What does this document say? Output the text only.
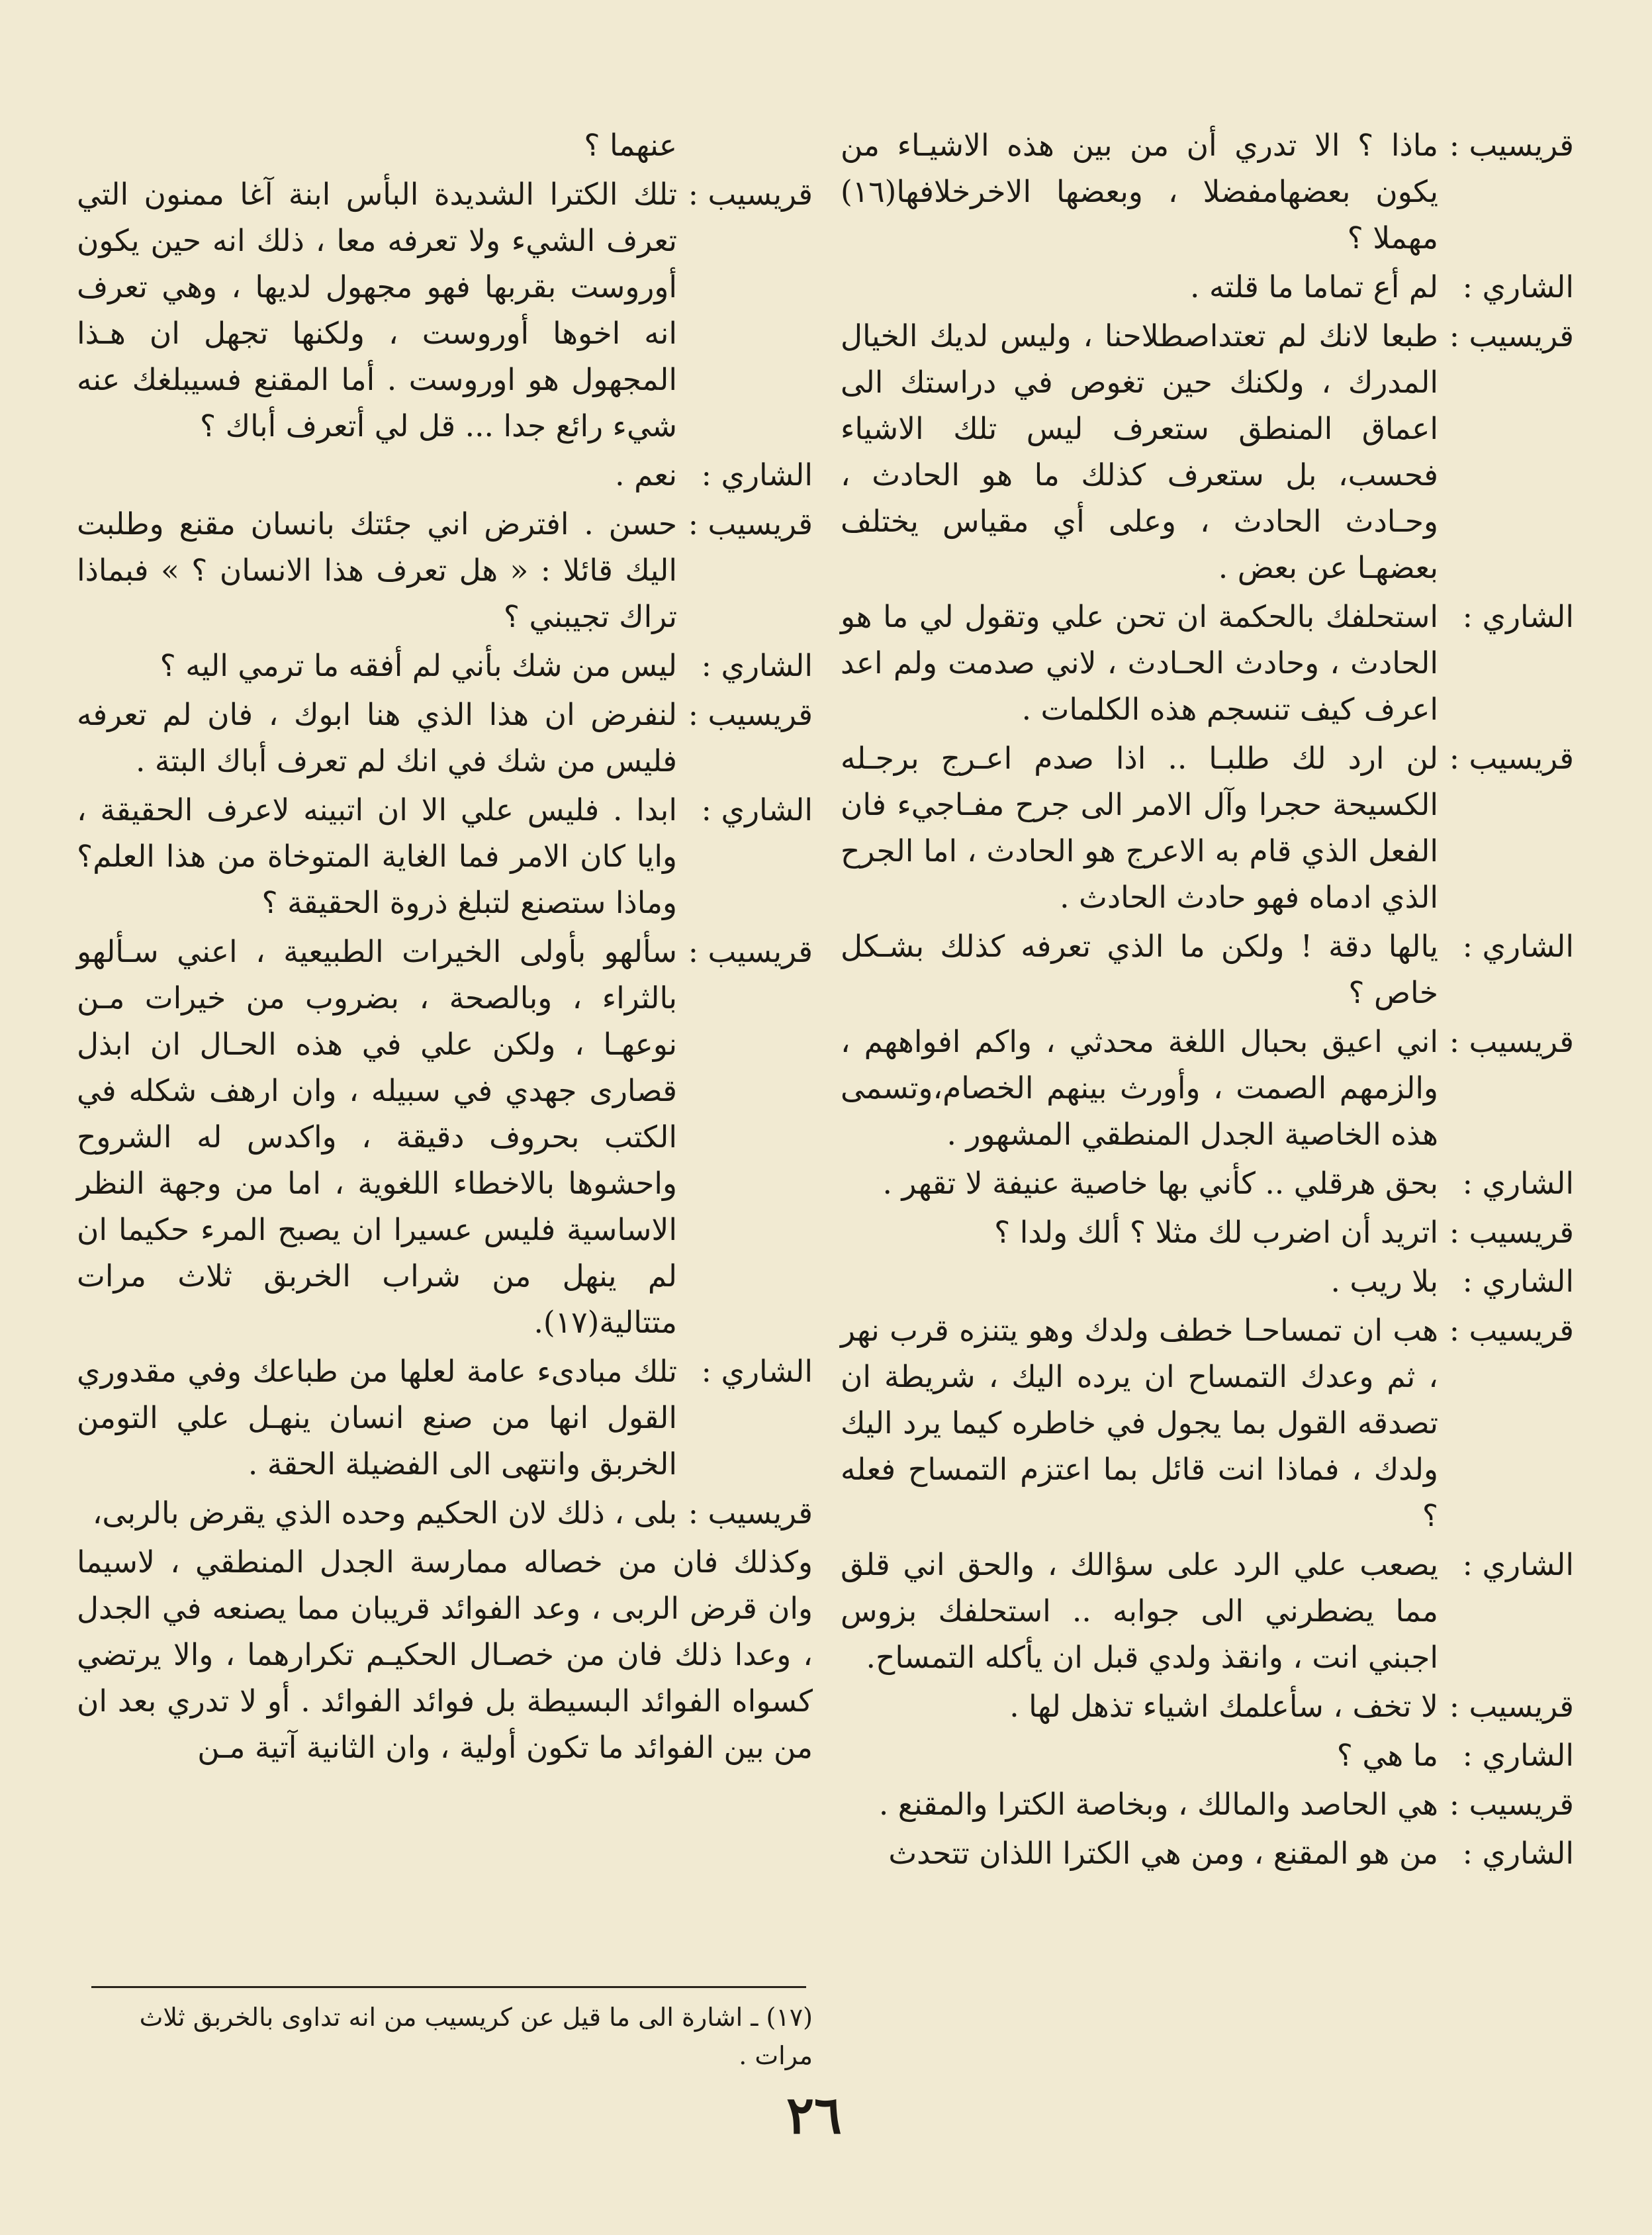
قريسيب :
ماذا ؟ الا تدري أن من بين هذه الاشيـاء من يكون بعضهامفضلا ، وبعضها الاخرخلافها(١٦) مهملا ؟
الشاري :
لم أع تماما ما قلته .
قريسيب :
طبعا لانك لم تعتداصطلاحنا ، وليس لديك الخيال المدرك ، ولكنك حين تغوص في دراستك الى اعماق المنطق ستعرف ليس تلك الاشياء فحسب، بل ستعرف كذلك ما هو الحادث ، وحـادث الحادث ، وعلى أي مقياس يختلف بعضهـا عن بعض .
الشاري :
استحلفك بالحكمة ان تحن علي وتقول لي ما هو الحادث ، وحادث الحـادث ، لاني صدمت ولم اعد اعرف كيف تنسجم هذه الكلمات .
قريسيب :
لن ارد لك طلبـا .. اذا صدم اعـرج برجـله الكسيحة حجرا وآل الامر الى جرح مفـاجيء فان الفعل الذي قام به الاعرج هو الحادث ، اما الجرح الذي ادماه فهو حادث الحادث .
الشاري :
يالها دقة ! ولكن ما الذي تعرفه كذلك بشـكل خاص ؟
قريسيب :
اني اعيق بحبال اللغة محدثي ، واكم افواههم ، والزمهم الصمت ، وأورث بينهم الخصام،وتسمى هذه الخاصية الجدل المنطقي المشهور .
الشاري :
بحق هرقلي .. كأني بها خاصية عنيفة لا تقهر .
قريسيب :
اتريد أن اضرب لك مثلا ؟ ألك ولدا ؟
الشاري :
بلا ريب .
قريسيب :
هب ان تمساحـا خطف ولدك وهو يتنزه قرب نهر ، ثم وعدك التمساح ان يرده اليك ، شريطة ان تصدقه القول بما يجول في خاطره كيما يرد اليك ولدك ، فماذا انت قائل بما اعتزم التمساح فعله ؟
الشاري :
يصعب علي الرد على سؤالك ، والحق اني قلق مما يضطرني الى جوابه .. استحلفك بزوس اجبني انت ، وانقذ ولدي قبل ان يأكله التمساح.
قريسيب :
لا تخف ، سأعلمك اشياء تذهل لها .
الشاري :
ما هي ؟
قريسيب :
هي الحاصد والمالك ، وبخاصة الكترا والمقنع .
الشاري :
من هو المقنع ، ومن هي الكترا اللذان تتحدث
عنهما ؟
قريسيب :
تلك الكترا الشديدة البأس ابنة آغا ممنون التي تعرف الشيء ولا تعرفه معا ، ذلك انه حين يكون أوروست بقربها فهو مجهول لديها ، وهي تعرف انه اخوها أوروست ، ولكنها تجهل ان هـذا المجهول هو اوروست . أما المقنع فسيبلغك عنه شيء رائع جدا ... قل لي أتعرف أباك ؟
الشاري :
نعم .
قريسيب :
حسن . افترض اني جئتك بانسان مقنع وطلبت اليك قائلا : « هل تعرف هذا الانسان ؟ » فبماذا تراك تجيبني ؟
الشاري :
ليس من شك بأني لم أفقه ما ترمي اليه ؟
قريسيب :
لنفرض ان هذا الذي هنا ابوك ، فان لم تعرفه فليس من شك في انك لم تعرف أباك البتة .
الشاري :
ابدا . فليس علي الا ان اتبينه لاعرف الحقيقة ، وايا كان الامر فما الغاية المتوخاة من هذا العلم؟ وماذا ستصنع لتبلغ ذروة الحقيقة ؟
قريسيب :
سألهو بأولى الخيرات الطبيعية ، اعني سـألهو بالثراء ، وبالصحة ، بضروب من خيرات مـن نوعهـا ، ولكن علي في هذه الحـال ان ابذل قصارى جهدي في سبيله ، وان ارهف شكله في الكتب بحروف دقيقة ، واكدس له الشروح واحشوها بالاخطاء اللغوية ، اما من وجهة النظر الاساسية فليس عسيرا ان يصبح المرء حكيما ان لم ينهل من شراب الخربق ثلاث مرات متتالية(١٧).
الشاري :
تلك مبادىء عامة لعلها من طباعك وفي مقدوري القول انها من صنع انسان ينهـل علي التومن الخربق وانتهى الى الفضيلة الحقة .
قريسيب :
بلى ، ذلك لان الحكيم وحده الذي يقرض بالربى،
وكذلك فان من خصاله ممارسة الجدل المنطقي ، لاسيما وان قرض الربى ، وعد الفوائد قريبان مما يصنعه في الجدل ، وعدا ذلك فان من خصـال الحكيـم تكرارهما ، والا يرتضي كسواه الفوائد البسيطة بل فوائد الفوائد . أو لا تدري بعد ان من بين الفوائد ما تكون أولية ، وان الثانية آتية مـن
(١٧) ـ اشارة الى ما قيل عن كريسيب من انه تداوى بالخربق ثلاث مرات .
٢٦
